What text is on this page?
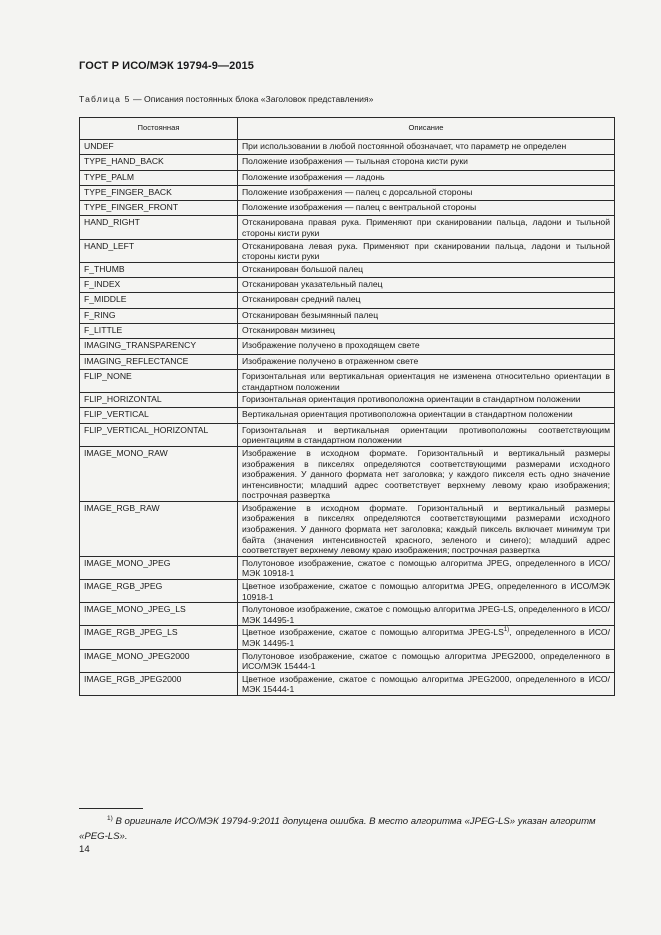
ГОСТ Р ИСО/МЭК 19794-9—2015
Таблица 5 — Описания постоянных блока «Заголовок представления»
Постоянная	Описание
UNDEF	При использовании в любой постоянной обозначает, что параметр не определен
TYPE_HAND_BACK	Положение изображения — тыльная сторона кисти руки
TYPE_PALM	Положение изображения — ладонь
TYPE_FINGER_BACK	Положение изображения — палец с дорсальной стороны
TYPE_FINGER_FRONT	Положение изображения — палец с вентральной стороны
HAND_RIGHT	Отсканирована правая рука. Применяют при сканировании пальца, ладони и тыльной стороны кисти руки
HAND_LEFT	Отсканирована левая рука. Применяют при сканировании пальца, ладони и тыльной стороны кисти руки
F_THUMB	Отсканирован большой палец
F_INDEX	Отсканирован указательный палец
F_MIDDLE	Отсканирован средний палец
F_RING	Отсканирован безымянный палец
F_LITTLE	Отсканирован мизинец
IMAGING_TRANSPARENCY	Изображение получено в проходящем свете
IMAGING_REFLECTANCE	Изображение получено в отраженном свете
FLIP_NONE	Горизонтальная или вертикальная ориентация не изменена относительно ориентации в стандартном положении
FLIP_HORIZONTAL	Горизонтальная ориентация противоположна ориентации в стандартном положении
FLIP_VERTICAL	Вертикальная ориентация противоположна ориентации в стандартном положении
FLIP_VERTICAL_HORIZONTAL	Горизонтальная и вертикальная ориентации противоположны соответствующим ориентациям в стандартном положении
IMAGE_MONO_RAW	Изображение в исходном формате. Горизонтальный и вертикальный размеры изображения в пикселях определяются соответствующими размерами исходного изображения. У данного формата нет заголовка; у каждого пикселя есть одно значение интенсивности; младший адрес соответствует верхнему левому краю изображения; построчная развертка
IMAGE_RGB_RAW	Изображение в исходном формате. Горизонтальный и вертикальный размеры изображения в пикселях определяются соответствующими размерами исходного изображения. У данного формата нет заголовка; каждый пиксель включает минимум три байта (значения интенсивностей красного, зеленого и синего); младший адрес соответствует верхнему левому краю изображения; построчная развертка
IMAGE_MONO_JPEG	Полутоновое изображение, сжатое с помощью алгоритма JPEG, определенного в ИСО/МЭК 10918-1
IMAGE_RGB_JPEG	Цветное изображение, сжатое с помощью алгоритма JPEG, определенного в ИСО/МЭК 10918-1
IMAGE_MONO_JPEG_LS	Полутоновое изображение, сжатое с помощью алгоритма JPEG-LS, определенного в ИСО/МЭК 14495-1
IMAGE_RGB_JPEG_LS	Цветное изображение, сжатое с помощью алгоритма JPEG-LS$^{1)}$, определенного в ИСО/МЭК 14495-1
IMAGE_MONO_JPEG2000	Полутоновое изображение, сжатое с помощью алгоритма JPEG2000, определенного в ИСО/МЭК 15444-1
IMAGE_RGB_JPEG2000	Цветное изображение, сжатое с помощью алгоритма JPEG2000, определенного в ИСО/МЭК 15444-1
$^{1)}$ В оригинале ИСО/МЭК 19794-9:2011 допущена ошибка. В место алгоритма «JPEG-LS» указан алгоритм «PEG-LS».
14
